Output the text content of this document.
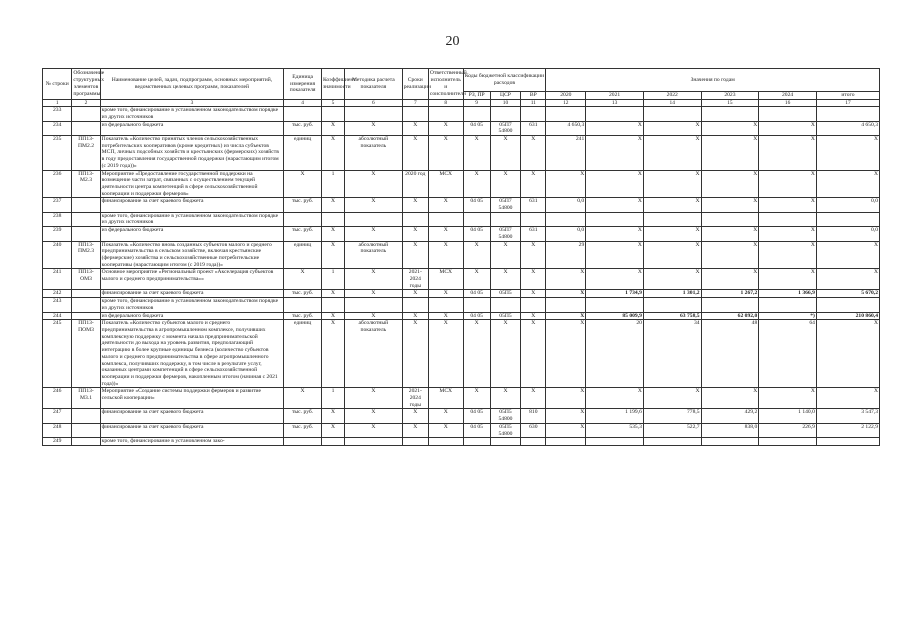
20
№ строки	Обозначение структурных элементов программы	Наименование целей, задач, подпрограмм, основных мероприятий, ведомственных целевых программ, показателей	Единица измерения показателя	Коэффициент значимости	Методика расчета показателя	Сроки реализации	Ответственный исполнитель и соисполнители	Коды бюджетной классификации расходов			Значения по годам					
								РЗ, ПР	ЦСР	ВР	2020	2021	2022	2023	2024	итого
1	2	3	4	5	6	7	8	9	10	11	12	13	14	15	16	17
233		кроме того, финансирование в установленном законодательством порядке из других источников														
234		из федерального бюджета	тыс. руб.	X	X	X	X	04 05	05П7 54800	631	4 650,3	X	X	X	X	4 650,3
235	ПП13-ПМ2.2	Показатель «Количество принятых членов сельскохозяйственных потребительских кооперативов (кроме кредитных) из числа субъектов МСП, личных подсобных хозяйств и крестьянских (фермерских) хозяйств в году предоставления государственной поддержки (нарастающим итогом (с 2019 года))»	единиц	X	абсолютный показатель	X	X	X	X	X	241	X	X	X	X	X
236	ПП13-М2.3	Мероприятие «Предоставление государственной поддержки на возмещение части затрат, связанных с осуществлением текущей деятельности центра компетенций в сфере сельскохозяйственной кооперации и поддержки фермеров»	X	1	X	2020 год	МСХ	X	X	X	X	X	X	X	X	X
237		финансирование за счет краевого бюджета	тыс. руб.	X	X	X	X	04 05	05П7 54800	631	0,0	X	X	X	X	0,0
238		кроме того, финансирование в установленном законодательством порядке из других источников														
239		из федерального бюджета	тыс. руб.	X	X	X	X	04 05	05П7 54800	631	0,0	X	X	X	X	0,0
240	ПП13-ПМ2.3	Показатель «Количество вновь созданных субъектов малого и среднего предпринимательства в сельском хозяйстве, включая крестьянские (фермерские) хозяйства и сельскохозяйственные потребительские кооперативы (нарастающим итогом (с 2019 года))»	единиц	X	абсолютный показатель	X	X	X	X	X	29	X	X	X	X	X
241	ПП13-ОМ3	Основное мероприятие «Региональный проект «Акселерация субъектов малого и среднего предпринимательства»»	X	1	X	2021-2024 годы	МСХ	X	X	X	X	X	X	X	X	X
242		финансирование за счет краевого бюджета	тыс. руб.	X	X	X	X	04 05	05П5	X	X	1 734,9	1 301,2	1 267,2	1 366,9	5 670,2
243		кроме того, финансирование в установленном законодательством порядке из других источников														
244		из федерального бюджета	тыс. руб.	X	X	X	X	04 05	05П5	X	X	85 009,9	63 758,5	62 092,0	*)	210 860,4
245	ПП13-ПОМ3	Показатель «Количество субъектов малого и среднего предпринимательства в агропромышленном комплексе, получивших комплексную поддержку с момента начала предпринимательской деятельности до выхода на уровень развития, предполагающий интеграцию в более крупные единицы бизнеса (количество субъектов малого и среднего предпринимательства в сфере агропромышленного комплекса, получивших поддержку, в том числе в результате услуг, оказанных центрами компетенций в сфере сельскохозяйственной кооперации и поддержки фермеров, накопленным итогом (начиная с 2021 года))»	единиц	X	абсолютный показатель	X	X	X	X	X	X	20	34	48	64	X
246	ПП13-М3.1	Мероприятие «Создание системы поддержки фермеров и развитие сельской кооперации»	X	1	X	2021-2024 годы	МСХ	X	X	X	X	X	X	X	X	X
247		финансирование за счет краевого бюджета	тыс. руб.	X	X	X	X	04 05	05П5 54800	810	X	1 199,6	778,5	429,2	1 140,0	3 547,3
248		финансирование за счет краевого бюджета	тыс. руб.	X	X	X	X	04 05	05П5 54800	630	X	535,3	522,7	838,0	226,9	2 122,9
249		кроме того, финансирование в установленном зако-														
